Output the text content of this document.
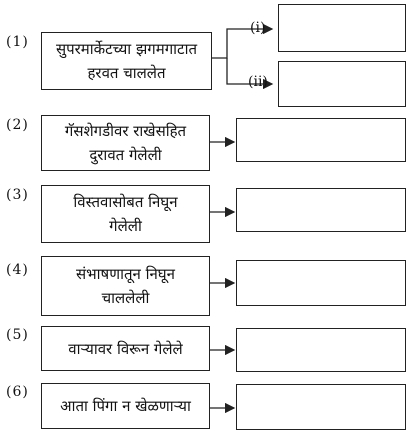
(1) सुपरमार्केटच्या झगमगाटात
हरवत चाललेत
(i)
(ii)
(2) गॅसशेगडीवर राखेसहित
दुरावत गेलेली
(3)	विस्तवासोबत निघून
गेलेली
(4)	संभाषणातून निघून
चाललेली
(5)
वाऱ्यावर विरून गेलेले
(6)
आता पिंगा न खेळणाऱ्या
